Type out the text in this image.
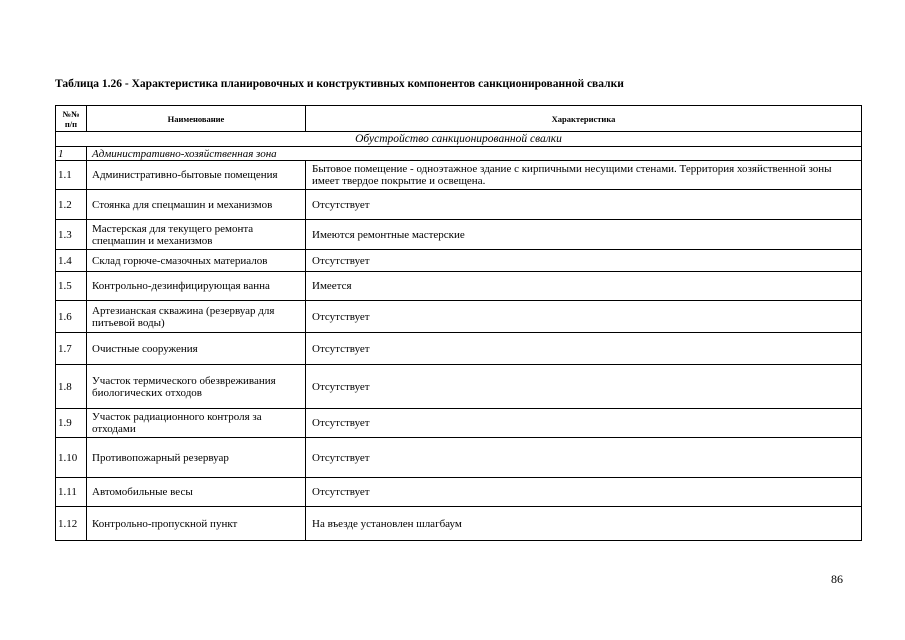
Таблица 1.26 - Характеристика планировочных и конструктивных компонентов санкционированной свалки
№№ п/п	Наименование	Характеристика
Обустройство санкционированной свалки		
1	Административно-хозяйственная зона	
1.1	Административно-бытовые помещения	Бытовое помещение - одноэтажное здание с кирпичными несущими стенами. Территория хозяйственной зоны имеет твердое покрытие и освещена.
1.2	Стоянка для спецмашин и механизмов	Отсутствует
1.3	Мастерская для текущего ремонта спецмашин и механизмов	Имеются ремонтные мастерские
1.4	Склад горюче-смазочных материалов	Отсутствует
1.5	Контрольно-дезинфицирующая ванна	Имеется
1.6	Артезианская скважина (резервуар для питьевой воды)	Отсутствует
1.7	Очистные сооружения	Отсутствует
1.8	Участок термического обезвреживания биологических отходов	Отсутствует
1.9	Участок радиационного контроля за отходами	Отсутствует
1.10	Противопожарный резервуар	Отсутствует
1.11	Автомобильные весы	Отсутствует
1.12	Контрольно-пропускной пункт	На въезде установлен шлагбаум
86
